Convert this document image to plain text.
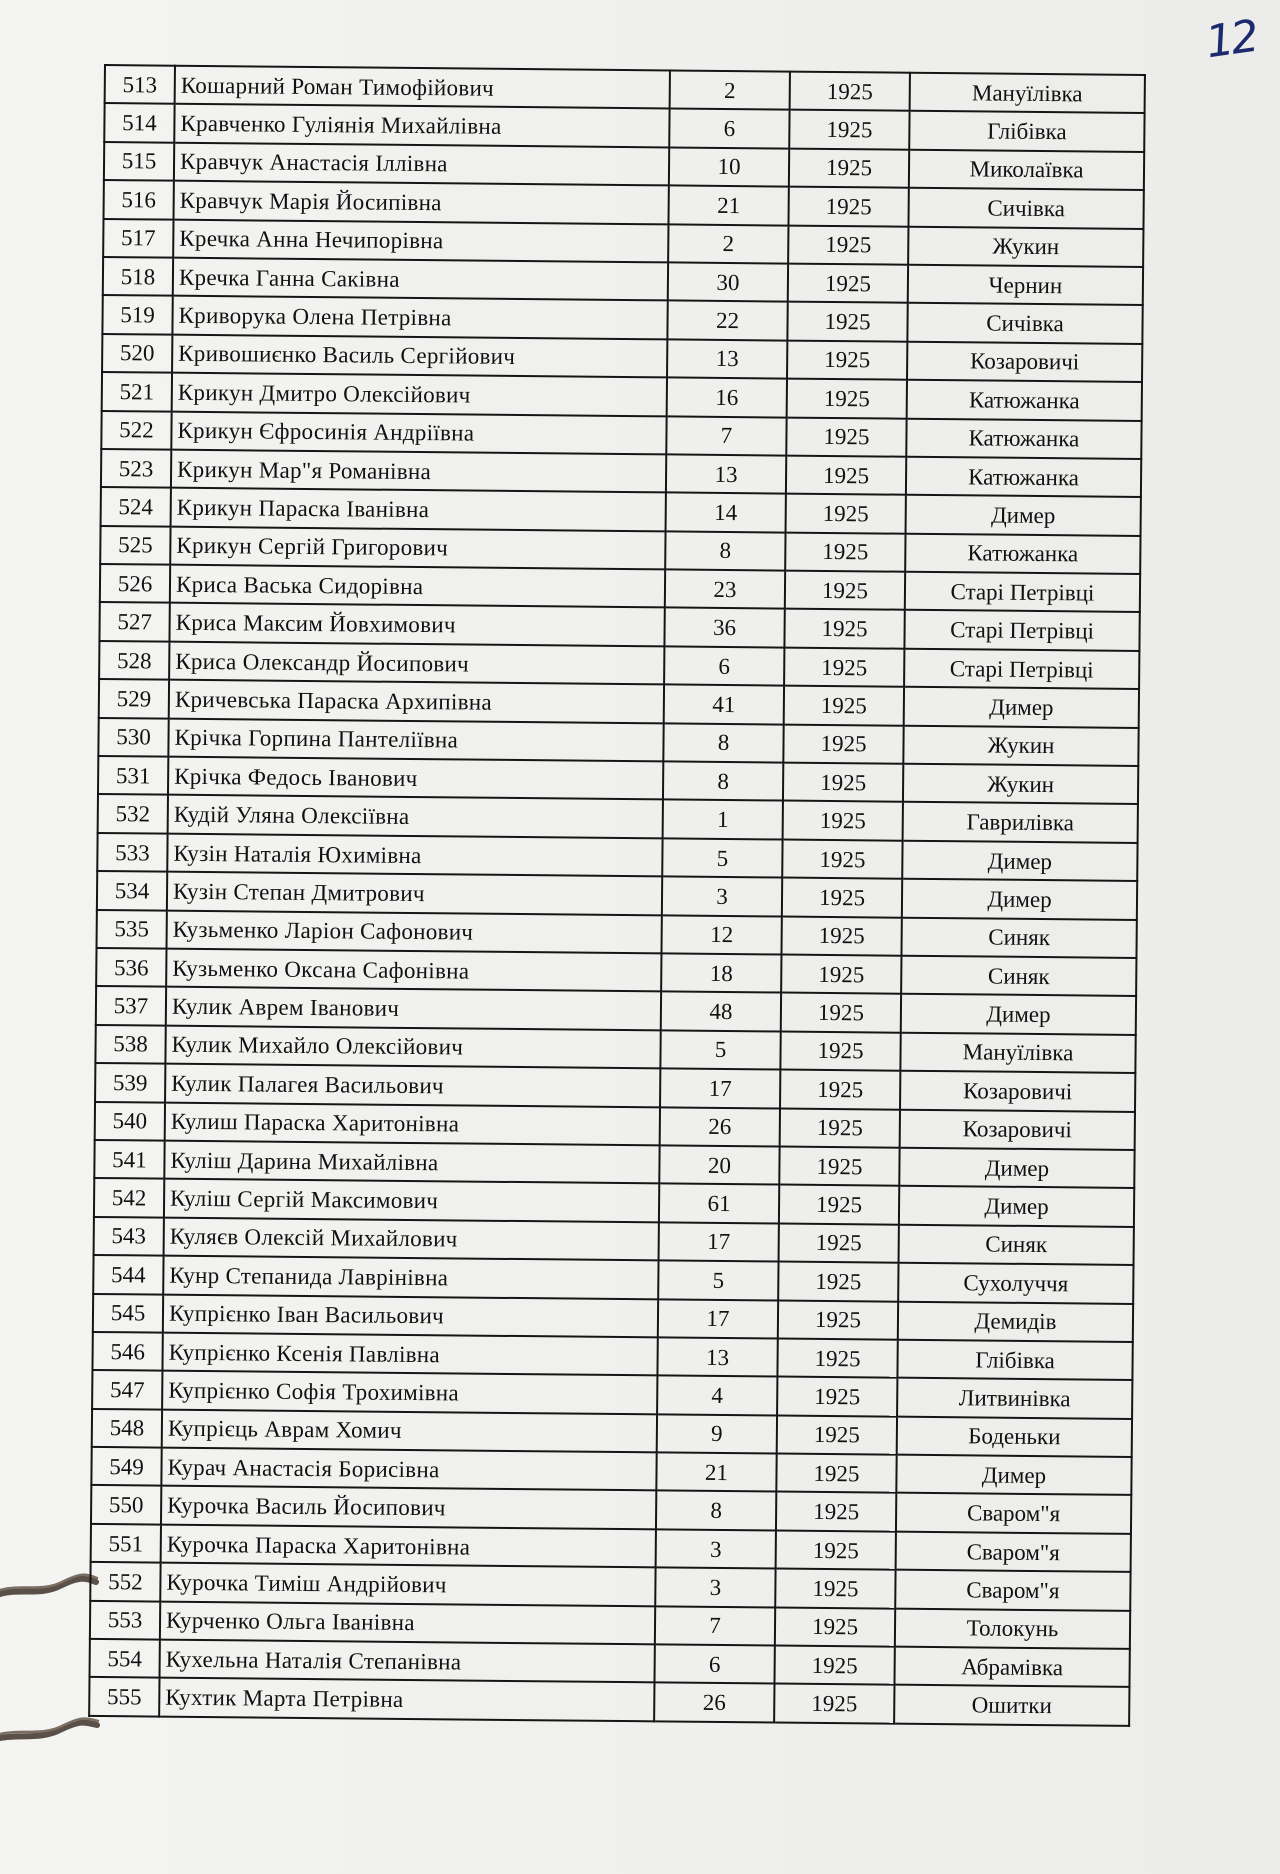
12
513	Кошарний Роман Тимофійович	2	1925	Мануїлівка
514	Кравченко Гуліянія Михайлівна	6	1925	Глібівка
515	Кравчук Анастасія Іллівна	10	1925	Миколаївка
516	Кравчук Марія Йосипівна	21	1925	Сичівка
517	Кречка Анна Нечипорівна	2	1925	Жукин
518	Кречка Ганна Саківна	30	1925	Чернин
519	Криворука Олена Петрівна	22	1925	Сичівка
520	Кривошиєнко Василь Сергійович	13	1925	Козаровичі
521	Крикун Дмитро Олексійович	16	1925	Катюжанка
522	Крикун Єфросинія Андріївна	7	1925	Катюжанка
523	Крикун Мар"я Романівна	13	1925	Катюжанка
524	Крикун Параска Іванівна	14	1925	Димер
525	Крикун Сергій Григорович	8	1925	Катюжанка
526	Криса Васька Сидорівна	23	1925	Старі Петрівці
527	Криса Максим Йовхимович	36	1925	Старі Петрівці
528	Криса Олександр Йосипович	6	1925	Старі Петрівці
529	Кричевська Параска Архипівна	41	1925	Димер
530	Крічка Горпина Пантеліївна	8	1925	Жукин
531	Крічка Федось Іванович	8	1925	Жукин
532	Кудій Уляна Олексіївна	1	1925	Гаврилівка
533	Кузін Наталія Юхимівна	5	1925	Димер
534	Кузін Степан Дмитрович	3	1925	Димер
535	Кузьменко Ларіон Сафонович	12	1925	Синяк
536	Кузьменко Оксана Сафонівна	18	1925	Синяк
537	Кулик Аврем Іванович	48	1925	Димер
538	Кулик Михайло Олексійович	5	1925	Мануїлівка
539	Кулик Палагея Васильович	17	1925	Козаровичі
540	Кулиш Параска Харитонівна	26	1925	Козаровичі
541	Куліш Дарина Михайлівна	20	1925	Димер
542	Куліш Сергій Максимович	61	1925	Димер
543	Куляєв Олексій Михайлович	17	1925	Синяк
544	Кунр Степанида Лаврінівна	5	1925	Сухолуччя
545	Купрієнко Іван Васильович	17	1925	Демидів
546	Купрієнко Ксенія Павлівна	13	1925	Глібівка
547	Купрієнко Софія Трохимівна	4	1925	Литвинівка
548	Купрієць Аврам Хомич	9	1925	Боденьки
549	Курач Анастасія Борисівна	21	1925	Димер
550	Курочка Василь Йосипович	8	1925	Сваром"я
551	Курочка Параска Харитонівна	3	1925	Сваром"я
552	Курочка Тиміш Андрійович	3	1925	Сваром"я
553	Курченко Ольга Іванівна	7	1925	Толокунь
554	Кухельна Наталія Степанівна	6	1925	Абрамівка
555	Кухтик Марта Петрівна	26	1925	Ошитки
